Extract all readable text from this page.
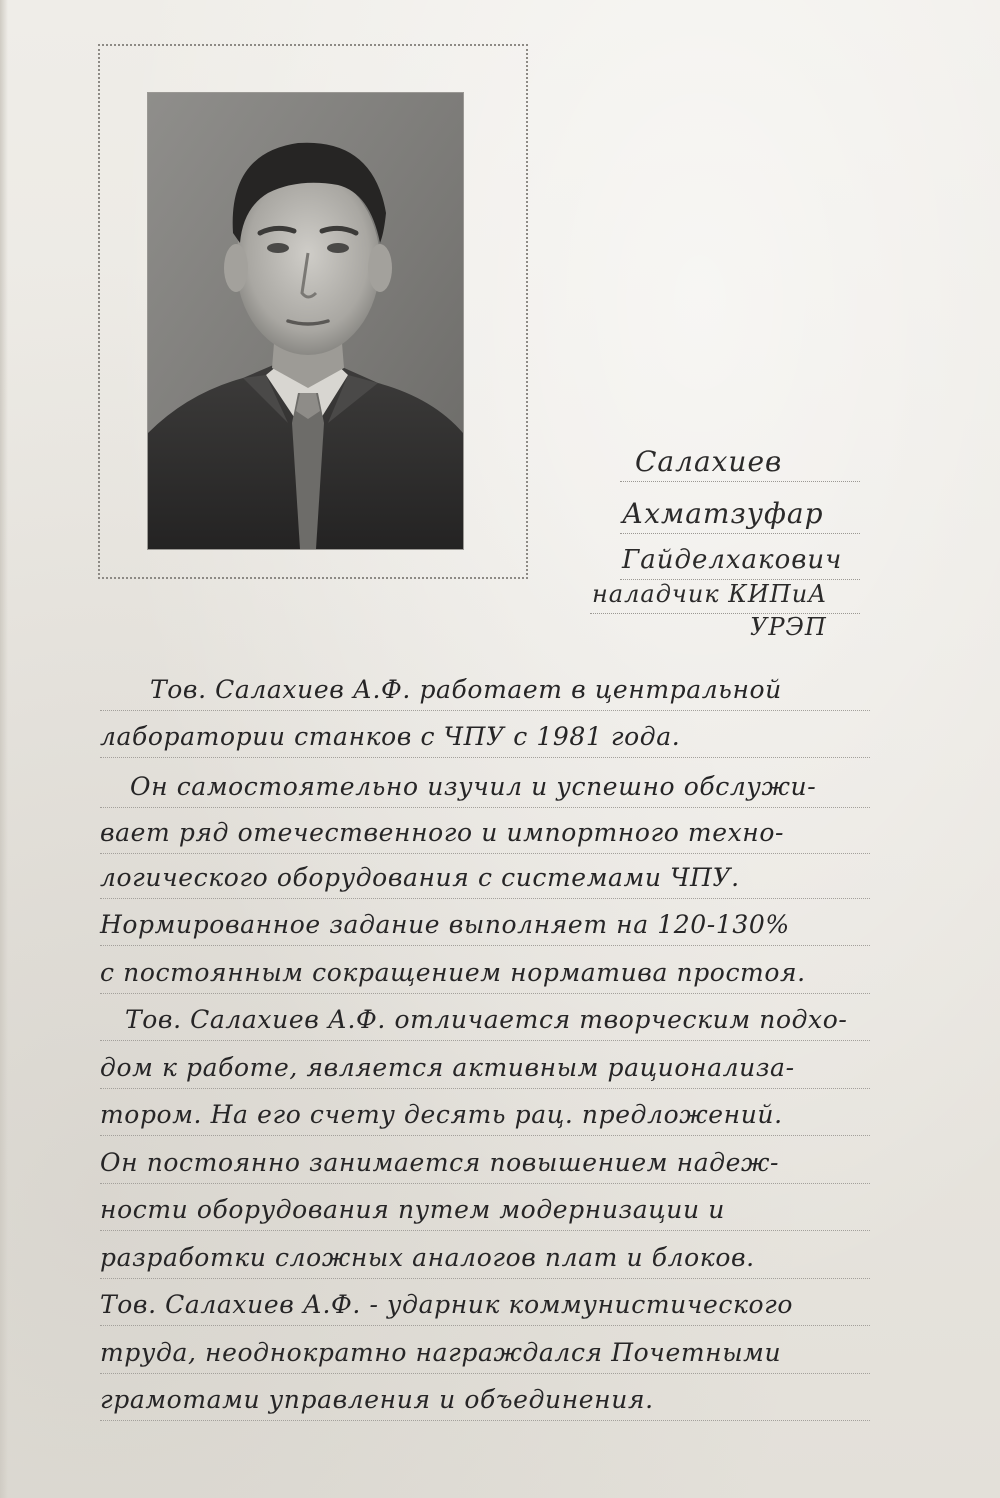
Салахиев
Ахматзуфар
Гайделхакович
наладчик КИПиА
УРЭП
Тов. Салахиев А.Ф. работает в центральной
лаборатории станков с ЧПУ с 1981 года.
Он самостоятельно изучил и успешно обслужи-
вает ряд отечественного и импортного техно-
логического оборудования с системами ЧПУ.
Нормированное задание выполняет на 120-130%
с постоянным сокращением норматива простоя.
Тов. Салахиев А.Ф. отличается творческим подхо-
дом к работе, является активным рационализа-
тором. На его счету десять рац. предложений.
Он постоянно занимается повышением надеж-
ности оборудования путем модернизации и
разработки сложных аналогов плат и блоков.
Тов. Салахиев А.Ф. - ударник коммунистического
труда, неоднократно награждался Почетными
грамотами управления и объединения.
